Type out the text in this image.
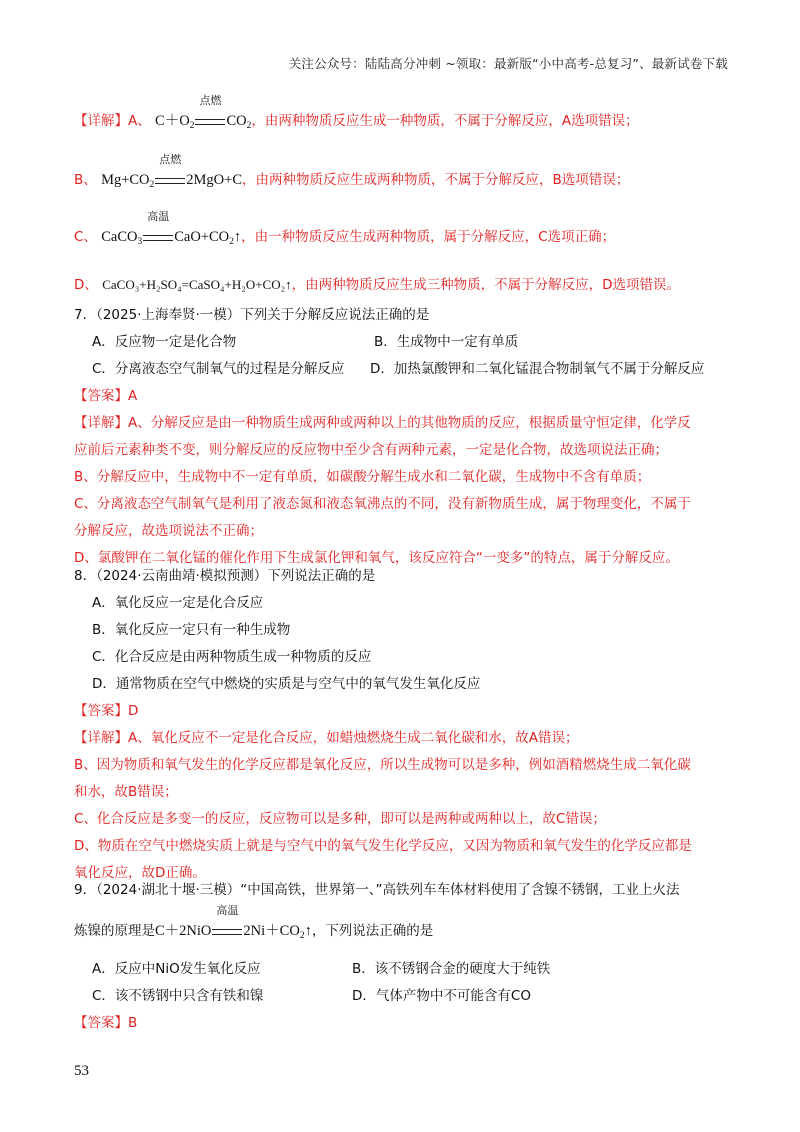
关注公众号：陆陆高分冲刺 ~领取：最新版“小中高考-总复习”、最新试卷下载
【详解】A、 $C+O_2$
点燃
$CO_2$，由两种物质反应生成一种物质，不属于分解反应，A选项错误；
B、 $Mg+CO_2$
点燃
2MgO+C，由两种物质反应生成两种物质，不属于分解反应，B选项错误；
C、 CaCO$_3$
高温
$CaO+CO_2↑$，由一种物质反应生成两种物质，属于分解反应，C选项正确；
D、 CaCO₃+H₂SO₄=CaSO₄+H₂O+CO₂↑，由两种物质反应生成三种物质，不属于分解反应，D选项错误。
7．（2025·上海奉贤·一模）下列关于分解反应说法正确的是
A．反应物一定是化合物	B．生成物中一定有单质
C．分离液态空气制氧气的过程是分解反应	D．加热氯酸钾和二氧化锰混合物制氧气不属于分解反应
【答案】A
【详解】A、分解反应是由一种物质生成两种或两种以上的其他物质的反应，根据质量守恒定律，化学反
应前后元素种类不变，则分解反应的反应物中至少含有两种元素，一定是化合物，故选项说法正确；
B、分解反应中，生成物中不一定有单质，如碳酸分解生成水和二氧化碳，生成物中不含有单质；
C、分离液态空气制氧气是利用了液态氮和液态氧沸点的不同，没有新物质生成，属于物理变化，不属于
分解反应，故选项说法不正确；
D、氯酸钾在二氧化锰的催化作用下生成氯化钾和氧气，该反应符合“一变多”的特点，属于分解反应。
8．（2024·云南曲靖·模拟预测）下列说法正确的是
A．氧化反应一定是化合反应
B．氧化反应一定只有一种生成物
C．化合反应是由两种物质生成一种物质的反应
D．通常物质在空气中燃烧的实质是与空气中的氧气发生氧化反应
【答案】D
【详解】A、氧化反应不一定是化合反应，如蜡烛燃烧生成二氧化碳和水，故A错误；
B、因为物质和氧气发生的化学反应都是氧化反应，所以生成物可以是多种，例如酒精燃烧生成二氧化碳
和水，故B错误；
C、化合反应是多变一的反应，反应物可以是多种，即可以是两种或两种以上，故C错误；
D、物质在空气中燃烧实质上就是与空气中的氧气发生化学反应，又因为物质和氧气发生的化学反应都是
氧化反应，故D正确。
9．（2024·湖北十堰·三模）“中国高铁，世界第一、”高铁列车车体材料使用了含镍不锈钢，工业上火法
炼镍的原理是C＋2NiO
高温
$2Ni+CO_2↑$，下列说法正确的是
A．反应中NiO发生氧化反应	B．该不锈钢合金的硬度大于纯铁
C．该不锈钢中只含有铁和镍	D．气体产物中不可能含有CO
【答案】B
53
